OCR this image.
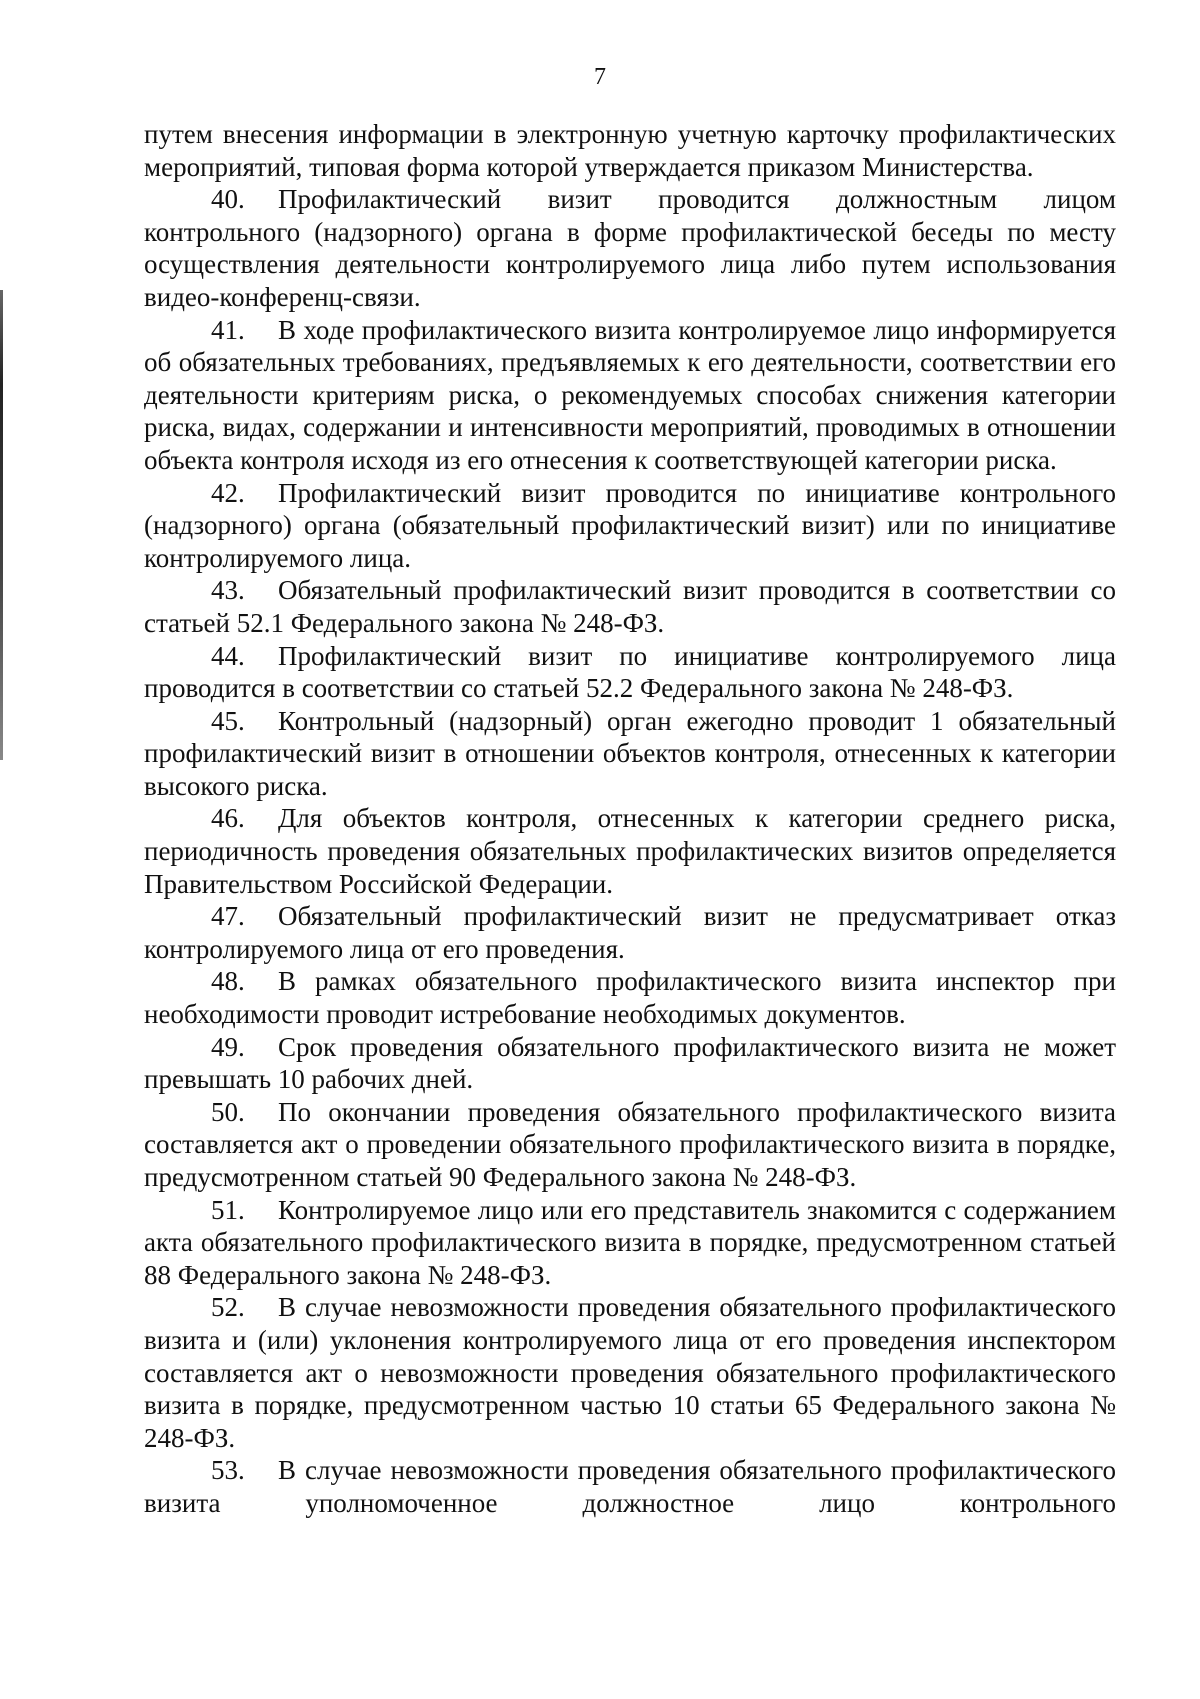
7

путем внесения информации в электронную учетную карточку профилактических мероприятий, типовая форма которой утверждается приказом Министерства.

40. Профилактический визит проводится должностным лицом контрольного (надзорного) органа в форме профилактической беседы по месту осуществления деятельности контролируемого лица либо путем использования видео-конференц-связи.

41. В ходе профилактического визита контролируемое лицо информируется об обязательных требованиях, предъявляемых к его деятельности, соответствии его деятельности критериям риска, о рекомендуемых способах снижения категории риска, видах, содержании и интенсивности мероприятий, проводимых в отношении объекта контроля исходя из его отнесения к соответствующей категории риска.

42. Профилактический визит проводится по инициативе контрольного (надзорного) органа (обязательный профилактический визит) или по инициативе контролируемого лица.

43. Обязательный профилактический визит проводится в соответствии со статьей 52.1 Федерального закона № 248-ФЗ.

44. Профилактический визит по инициативе контролируемого лица проводится в соответствии со статьей 52.2 Федерального закона № 248-ФЗ.

45. Контрольный (надзорный) орган ежегодно проводит 1 обязательный профилактический визит в отношении объектов контроля, отнесенных к категории высокого риска.

46. Для объектов контроля, отнесенных к категории среднего риска, периодичность проведения обязательных профилактических визитов определяется Правительством Российской Федерации.

47. Обязательный профилактический визит не предусматривает отказ контролируемого лица от его проведения.

48. В рамках обязательного профилактического визита инспектор при необходимости проводит истребование необходимых документов.

49. Срок проведения обязательного профилактического визита не может превышать 10 рабочих дней.

50. По окончании проведения обязательного профилактического визита составляется акт о проведении обязательного профилактического визита в порядке, предусмотренном статьей 90 Федерального закона № 248-ФЗ.

51. Контролируемое лицо или его представитель знакомится с содержанием акта обязательного профилактического визита в порядке, предусмотренном статьей 88 Федерального закона № 248-ФЗ.

52. В случае невозможности проведения обязательного профилактического визита и (или) уклонения контролируемого лица от его проведения инспектором составляется акт о невозможности проведения обязательного профилактического визита в порядке, предусмотренном частью 10 статьи 65 Федерального закона № 248-ФЗ.

53. В случае невозможности проведения обязательного профилактического визита уполномоченное должностное лицо контрольного
